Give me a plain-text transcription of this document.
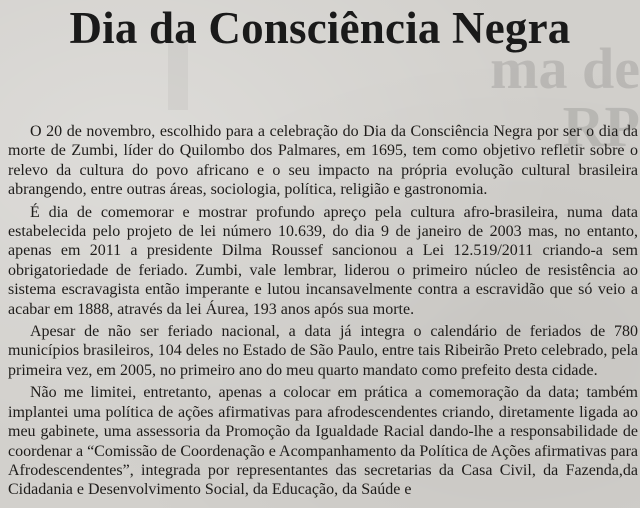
ma de RP
Dia da Consciência Negra

O 20 de novembro, escolhido para a celebração do Dia da Consciência Negra por ser o dia da morte de Zumbi, líder do Quilombo dos Palmares, em 1695, tem como objetivo refletir sobre o relevo da cultura do povo africano e o seu impacto na própria evolução cultural brasileira abrangendo, entre outras áreas, sociologia, política, religião e gastronomia.

É dia de comemorar e mostrar profundo apreço pela cultura afro-brasileira, numa data estabelecida pelo projeto de lei número 10.639, do dia 9 de janeiro de 2003 mas, no entanto, apenas em 2011 a presidente Dilma Roussef sancionou a Lei 12.519/2011 criando-a sem obrigatoriedade de feriado. Zumbi, vale lembrar, liderou o primeiro núcleo de resistência ao sistema escravagista então imperante e lutou incansavelmente contra a escravidão que só veio a acabar em 1888, através da lei Áurea, 193 anos após sua morte.

Apesar de não ser feriado nacional, a data já integra o calendário de feriados de 780 municípios brasileiros, 104 deles no Estado de São Paulo, entre tais Ribeirão Preto celebrado, pela primeira vez, em 2005, no primeiro ano do meu quarto mandato como prefeito desta cidade.

Não me limitei, entretanto, apenas a colocar em prática a comemoração da data; também implantei uma política de ações afirmativas para afrodescendentes criando, diretamente ligada ao meu gabinete, uma assessoria da Promoção da Igualdade Racial dando-lhe a responsabilidade de coordenar a “Comissão de Coordenação e Acompanhamento da Política de Ações afirmativas para Afrodescendentes”, integrada por representantes das secretarias da Casa Civil, da Fazenda,da Cidadania e Desenvolvimento Social, da Educação, da Saúde e
